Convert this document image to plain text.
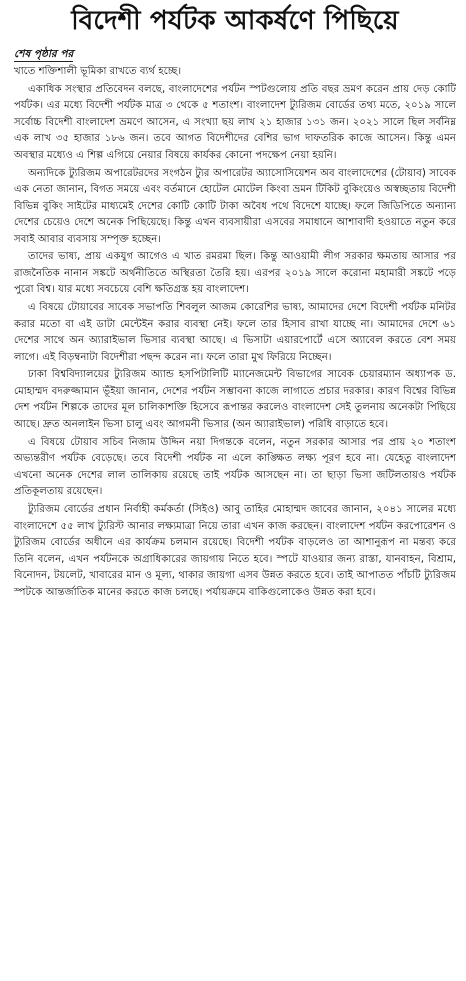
বিদেশী পর্যটক আকর্ষণে পিছিয়ে
শেষ পৃষ্ঠার পর

খাতে শক্তিশালী ভূমিকা রাখতে ব্যর্থ হচ্ছে।

একাধিক সংস্থার প্রতিবেদন বলছে, বাংলাদেশের পর্যটন স্পটগুলোয় প্রতি বছর ভ্রমণ করেন প্রায় দেড় কোটি পর্যটক। এর মধ্যে বিদেশী পর্যটক মাত্র ৩ থেকে ৫ শতাংশ। বাংলাদেশ ট্যুরিজম বোর্ডের তথ্য মতে, ২০১৯ সালে সর্বোচ্চ বিদেশী বাংলাদেশ ভ্রমণে আসেন, এ সংখ্যা ছয় লাখ ২১ হাজার ১৩১ জন। ২০২১ সালে ছিল সর্বনিম্ন এক লাখ ৩৫ হাজার ১৮৬ জন। তবে আগত বিদেশীদের বেশির ভাগ দাফতরিক কাজে আসেন। কিন্তু এমন অবস্থার মধ্যেও এ শিল্প এগিয়ে নেয়ার বিষয়ে কার্যকর কোনো পদক্ষেপ নেয়া হয়নি।

অন্যদিকে ট্যুরিজম অপারেটরদের সংগঠন ট্যুর অপারেটর অ্যাসোসিয়েশন অব বাংলাদেশের (টোয়াব) সাবেক এক নেতা জানান, বিগত সময়ে এবং বর্তমানে হোটেল মোটেল কিংবা ভ্রমন টিকিট বুকিংয়েও অস্বচ্ছতায় বিদেশী বিভিন্ন বুকিং সাইটের মাধ্যমেই দেশের কোটি কোটি টাকা অবৈধ পথে বিদেশে যাচ্ছে। ফলে জিডিপিতে অন্যান্য দেশের চেয়েও দেশে অনেক পিছিয়েছে। কিন্তু এখন ব্যবসায়ীরা এসবের সমাধানে আশাবাদী হওয়াতে নতুন করে সবাই আবার ব্যবসায় সম্পৃক্ত হচ্ছেন।

তাদের ভাষ্য, প্রায় একযুগ আগেও এ খাত রমরমা ছিল। কিন্তু আওয়ামী লীগ সরকার ক্ষমতায় আসার পর রাজনৈতিক নানান সঙ্কটে অর্থনীতিতে অস্থিরতা তৈরি হয়। এরপর ২০১৯ সালে করোনা মহামারী সঙ্কটে পড়ে পুরো বিশ্ব। যার মধ্যে সবচেয়ে বেশি ক্ষতিগ্রস্ত হয় বাংলাদেশ।

এ বিষয়ে টোয়াবের সাবেক সভাপতি শিবলুল আজম কোরেশির ভাষ্য, আমাদের দেশে বিদেশী পর্যটক মনিটর করার মতো বা এই ডাটা মেন্টেইন করার ব্যবস্থা নেই। ফলে তার হিসাব রাখা যাচ্ছে না। আমাদের দেশে ৬১ দেশের সাথে অন অ্যারাইভাল ভিসার ব্যবস্থা আছে। এ ভিসাটা এয়ারপোর্টে এসে অ্যাবেল করতে বেশ সময় লাগে। এই বিড়ম্বনাটা বিদেশীরা পছন্দ করেন না। ফলে তারা মুখ ফিরিয়ে নিচ্ছেন।

ঢাকা বিশ্ববিদ্যালয়ের ট্যুরিজম অ্যান্ড হসপিটালিটি ম্যানেজমেন্ট বিভাগের সাবেক চেয়ারম্যান অধ্যাপক ড. মোহাম্মদ বদরুজ্জামান ভূঁইয়া জানান, দেশের পর্যটন সম্ভাবনা কাজে লাগাতে প্রচার দরকার। কারণ বিশ্বের বিভিন্ন দেশ পর্যটন শিল্পকে তাদের মূল চালিকাশক্তি হিসেবে রূপান্তর করলেও বাংলাদেশ সেই তুলনায় অনেকটা পিছিয়ে আছে। দ্রুত অনলাইন ভিসা চালু এবং আগমনী ভিসার (অন অ্যারাইভাল) পরিধি বাড়াতে হবে।

এ বিষয়ে টোয়াব সচিব নিজাম উদ্দিন নয়া দিগন্তকে বলেন, নতুন সরকার আসার পর প্রায় ২০ শতাংশ অভ্যন্তরীণ পর্যটক বেড়েছে। তবে বিদেশী পর্যটক না এলে কাঙ্ক্ষিত লক্ষ্য পূরণ হবে না। যেহেতু বাংলাদেশ এখনো অনেক দেশের লাল তালিকায় রয়েছে তাই পর্যটক আসছেন না। তা ছাড়া ভিসা জটিলতায়ও পর্যটক প্রতিকূলতায় রয়েছেন।

ট্যুরিজম বোর্ডের প্রধান নির্বাহী কর্মকর্তা (সিইও) আবু তাহির মোহাম্মদ জাবের জানান, ২০৪১ সালের মধ্যে বাংলাদেশে ৫৫ লাখ ট্যুরিস্ট আনার লক্ষ্যমাত্রা নিয়ে তারা এখন কাজ করছেন। বাংলাদেশ পর্যটন করপোরেশন ও ট্যুরিজম বোর্ডের অধীনে এর কার্যক্রম চলমান রয়েছে। বিদেশী পর্যটক বাড়লেও তা আশানুরূপ না মন্তব্য করে তিনি বলেন, এখন পর্যটনকে অগ্রাধিকারের জায়গায় নিতে হবে। স্পটে যাওয়ার জন্য রাস্তা, যানবাহন, বিশ্রাম, বিনোদন, টয়লেট, খাবারের মান ও মূল্য, থাকার জায়গা এসব উন্নত করতে হবে। তাই আপাতত পাঁচটি ট্যুরিজম স্পটকে আন্তর্জাতিক মানের করতে কাজ চলছে। পর্যায়ক্রমে বাকিগুলোকেও উন্নত করা হবে।
